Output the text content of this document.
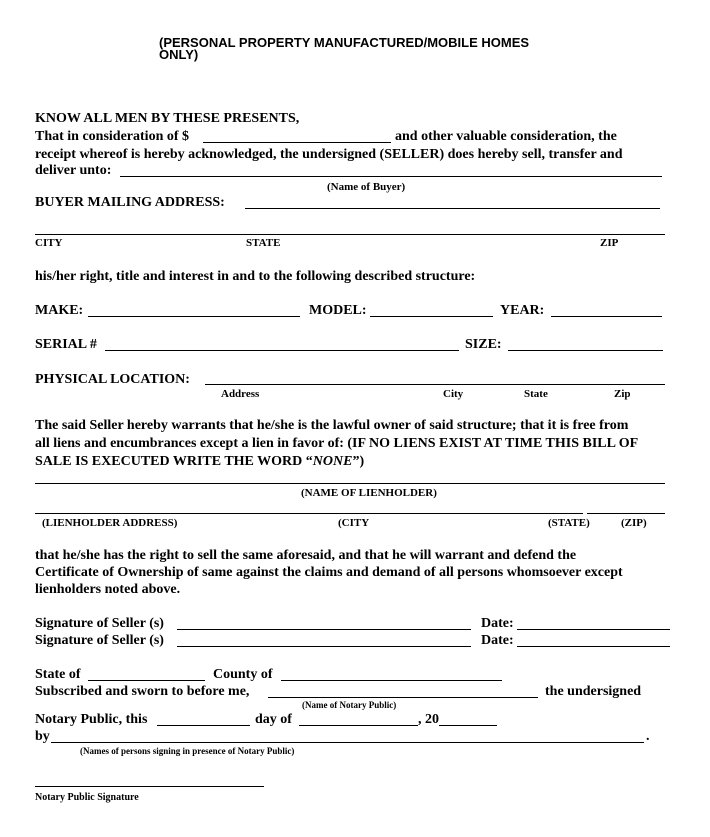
(PERSONAL PROPERTY MANUFACTURED/MOBILE HOMES
ONLY)
KNOW ALL MEN BY THESE PRESENTS,
That in consideration of $	and other valuable consideration, the
receipt whereof is hereby acknowledged, the undersigned (SELLER) does hereby sell, transfer and
deliver unto:
(Name of Buyer)
BUYER MAILING ADDRESS:
CITY	STATE	ZIP
his/her right, title and interest in and to the following described structure:
MAKE:	MODEL:	YEAR:
SERIAL #	SIZE:
PHYSICAL LOCATION:
Address	City	State	Zip
The said Seller hereby warrants that he/she is the lawful owner of said structure; that it is free from
all liens and encumbrances except a lien in favor of: (IF NO LIENS EXIST AT TIME THIS BILL OF
SALE IS EXECUTED WRITE THE WORD “NONE”)
(NAME OF LIENHOLDER)
(LIENHOLDER ADDRESS)	(CITY	(STATE)	(ZIP)
that he/she has the right to sell the same aforesaid, and that he will warrant and defend the
Certificate of Ownership of same against the claims and demand of all persons whomsoever except
lienholders noted above.
Signature of Seller (s)	Date:
Signature of Seller (s)	Date:
State of	County of
Subscribed and sworn to before me,	the undersigned
(Name of Notary Public)
Notary Public, this	day of	, 20
by	.
(Names of persons signing in presence of Notary Public)
Notary Public Signature
